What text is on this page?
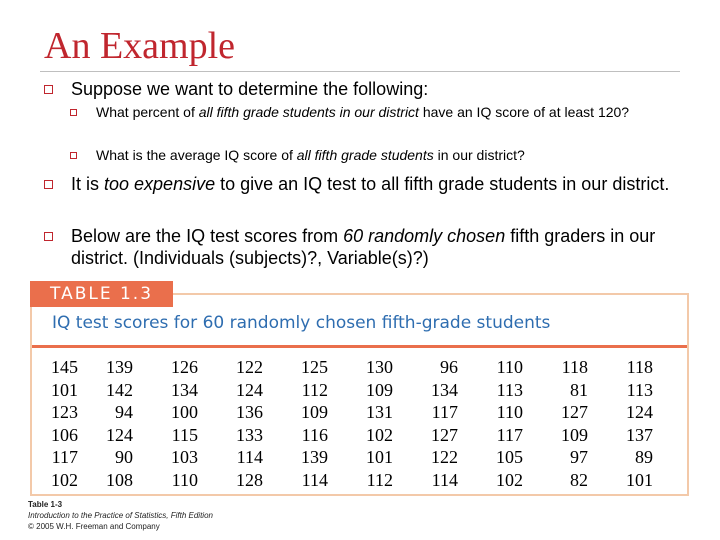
An Example
Suppose we want to determine the following:
What percent of all fifth grade students in our district have an IQ score of at least 120?
What is the average IQ score of all fifth grade students in our district?
It is too expensive to give an IQ test to all fifth grade students in our district.
Below are the IQ test scores from 60 randomly chosen fifth graders in our district. (Individuals (subjects)?, Variable(s)?)
TABLE 1.3
IQ test scores for 60 randomly chosen fifth-grade students
145	139	126	122	125	130	96	110	118	118
101	142	134	124	112	109	134	113	81	113
123	94	100	136	109	131	117	110	127	124
106	124	115	133	116	102	127	117	109	137
117	90	103	114	139	101	122	105	97	89
102	108	110	128	114	112	114	102	82	101
Table 1-3
Introduction to the Practice of Statistics, Fifth Edition
© 2005 W.H. Freeman and Company
